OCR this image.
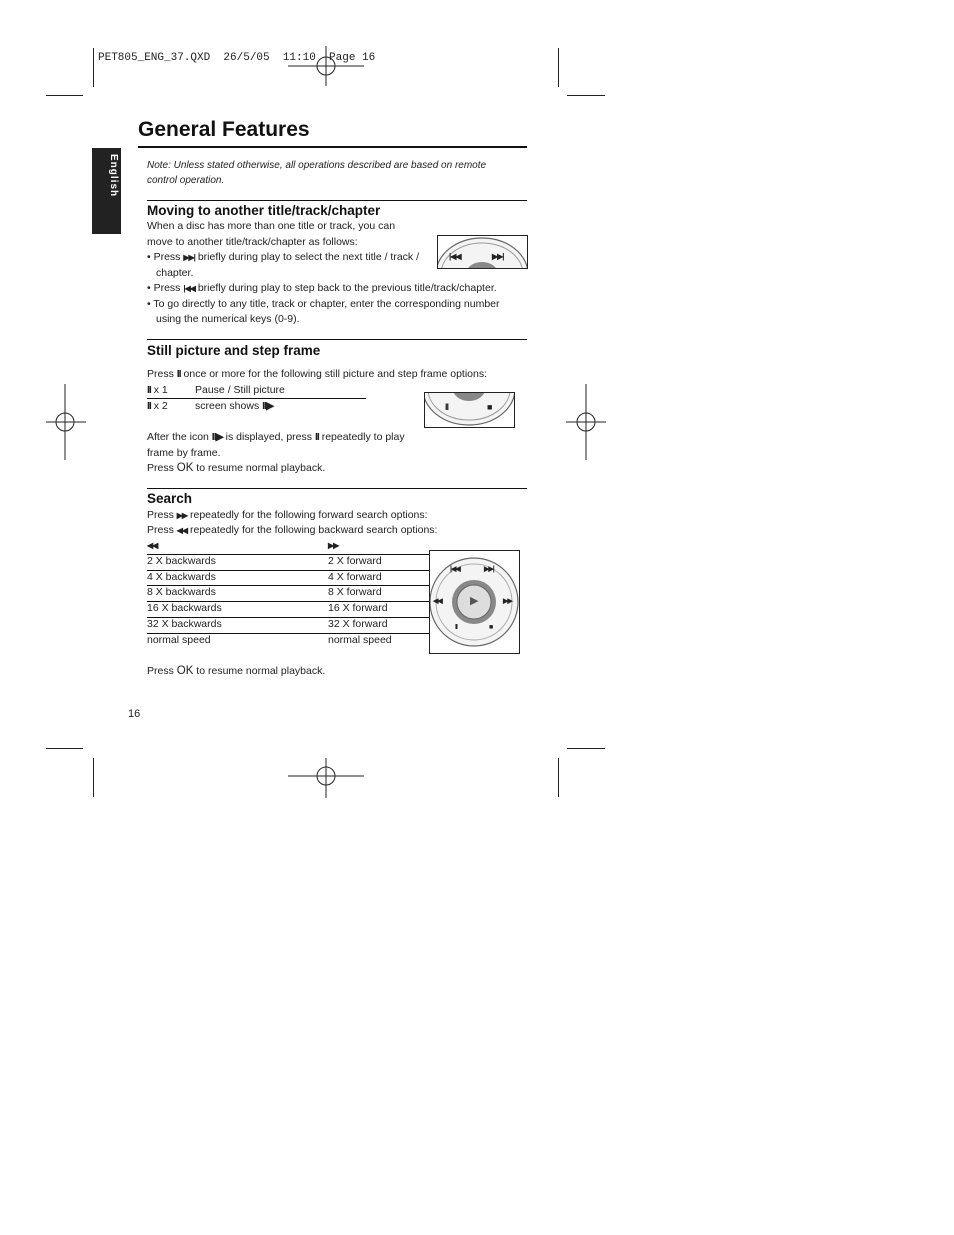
PET805_ENG_37.QXD  26/5/05  11:10  Page 16
English
General Features
Note: Unless stated otherwise, all operations described are based on remote control operation.
Moving to another title/track/chapter
When a disc has more than one title or track, you can move to another title/track/chapter as follows:
• Press ▶▶| briefly during play to select the next title / track / chapter.
• Press |◀◀ briefly during play to step back to the previous title/track/chapter.
• To go directly to any title, track or chapter, enter the corresponding number using the numerical keys (0-9).
|◀◀	▶▶|
Still picture and step frame
Press II once or more for the following still picture and step frame options:
II x 1	Pause / Still picture
II x 2	screen shows II▶	II	■
After the icon II▶ is displayed, press II repeatedly to play frame by frame.
Press OK to resume normal playback.
Search
Press ▶▶ repeatedly for the following forward search options:
Press ◀◀ repeatedly for the following backward search options:
◀◀	▶▶
2 X backwards	2 X forward
4 X backwards	4 X forward
8 X backwards	8 X forward
16 X backwards	16 X forward
32 X backwards	32 X forward
normal speed	normal speed
|◀◀	▶▶|
◀◀	▶▶
▶
II	■
Press OK to resume normal playback.
16
